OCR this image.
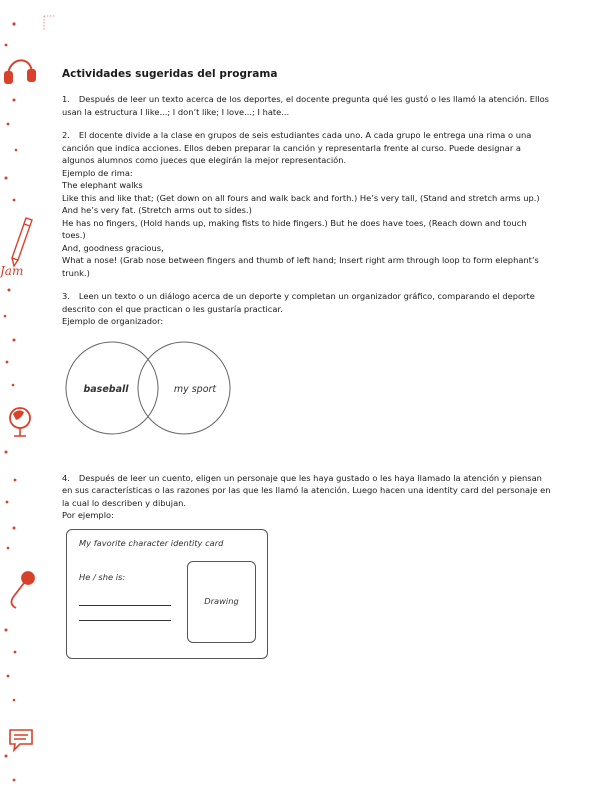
Jam
Actividades sugeridas del programa

1. Después de leer un texto acerca de los deportes, el docente pregunta qué les gustó o les llamó la atención. Ellos usan la estructura I like...; I don’t like; I love...; I hate...

2. El docente divide a la clase en grupos de seis estudiantes cada uno. A cada grupo le entrega una rima o una canción que indica acciones. Ellos deben preparar la canción y representarla frente al curso. Puede designar a algunos alumnos como jueces que elegirán la mejor representación.

Ejemplo de rima:

The elephant walks

Like this and like that; (Get down on all fours and walk back and forth.) He’s very tall, (Stand and stretch arms up.)

And he’s very fat. (Stretch arms out to sides.)

He has no fingers, (Hold hands up, making fists to hide fingers.) But he does have toes, (Reach down and touch toes.)

And, goodness gracious,

What a nose! (Grab nose between fingers and thumb of left hand; Insert right arm through loop to form elephant’s trunk.)

3. Leen un texto o un diálogo acerca de un deporte y completan un organizador gráfico, comparando el deporte descrito con el que practican o les gustaría practicar.

Ejemplo de organizador:

baseball	my sport

4. Después de leer un cuento, eligen un personaje que les haya gustado o les haya llamado la atención y piensan en sus características o las razones por las que les llamó la atención. Luego hacen una identity card del personaje en la cual lo describen y dibujan.

Por ejemplo:

My favorite character identity card
He / she is:
Drawing
